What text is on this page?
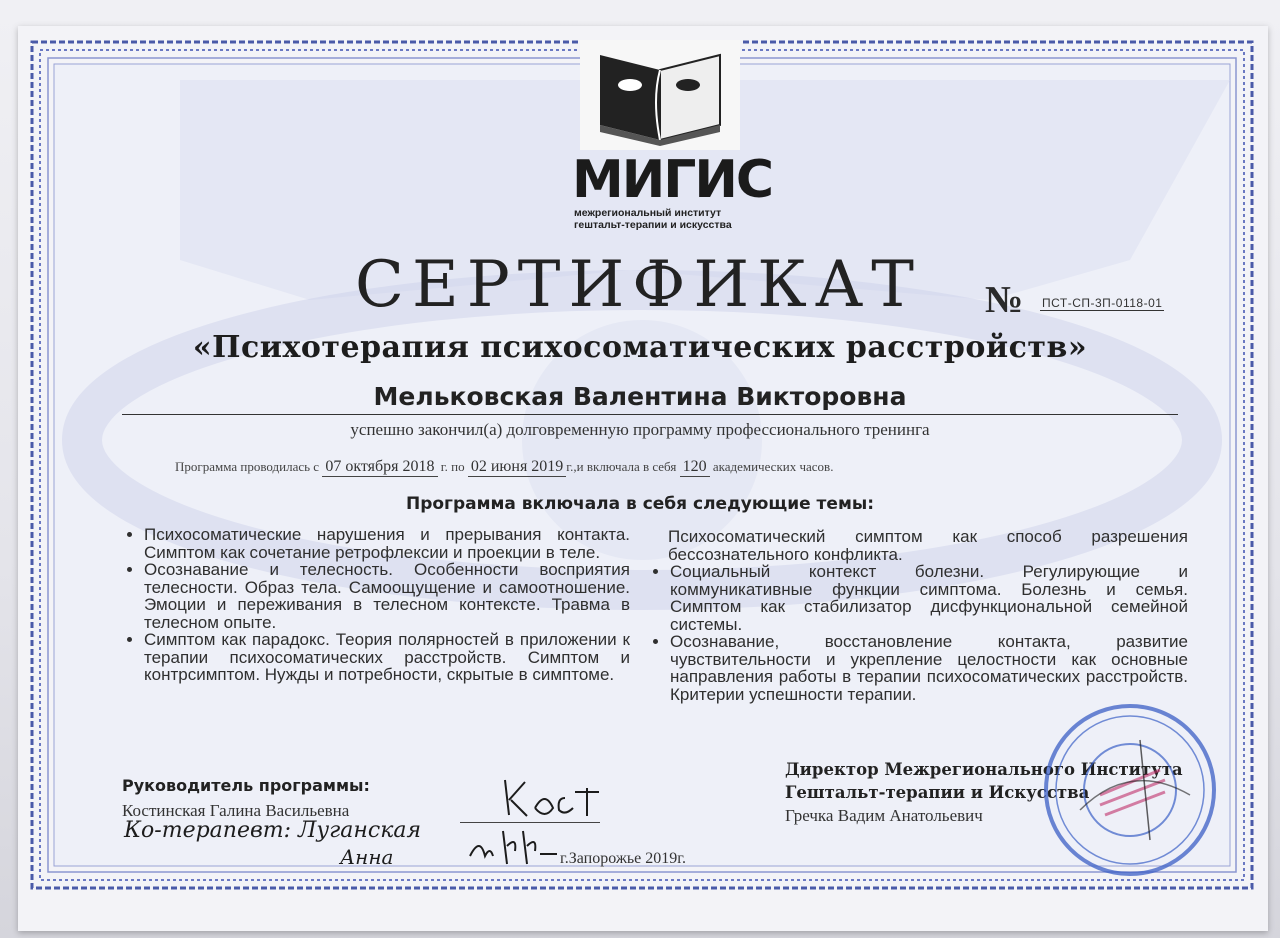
МИГИС
межрегиональный институт
гештальт-терапии и искусства
СЕРТИФИКАТ № ПСТ-СП-3П-0118-01
«Психотерапия психосоматических расстройств»
Мельковская Валентина Викторовна
успешно закончил(а) долговременную программу профессионального тренинга
Программа проводилась с 07 октября 2018 г. по 02 июня 2019 г.,и включала в себя 120 академических часов.
Программа включала в себя следующие темы:
• Психосоматические нарушения и прерывания контакта. Симптом как сочетание ретрофлексии и проекции в теле.
• Осознавание и телесность. Особенности восприятия телесности. Образ тела. Самоощущение и самоотношение. Эмоции и переживания в телесном контексте. Травма в телесном опыте.
• Симптом как парадокс. Теория полярностей в приложении к терапии психосоматических расстройств. Симптом и контрсимптом. Нужды и потребности, скрытые в симптоме.
Психосоматический симптом как способ разрешения бессознательного конфликта.
• Социальный контекст болезни. Регулирующие и коммуникативные функции симптома. Болезнь и семья. Симптом как стабилизатор дисфункциональной семейной системы.
• Осознавание, восстановление контакта, развитие чувствительности и укрепление целостности как основные направления работы в терапии психосоматических расстройств. Критерии успешности терапии.
Руководитель программы:
Костинская Галина Васильевна
Ко-терапевт: Луганская
Анна	г.Запорожье 2019г.
Директор Межрегионального Института
Гештальт-терапии и Искусства
Гречка Вадим Анатольевич
